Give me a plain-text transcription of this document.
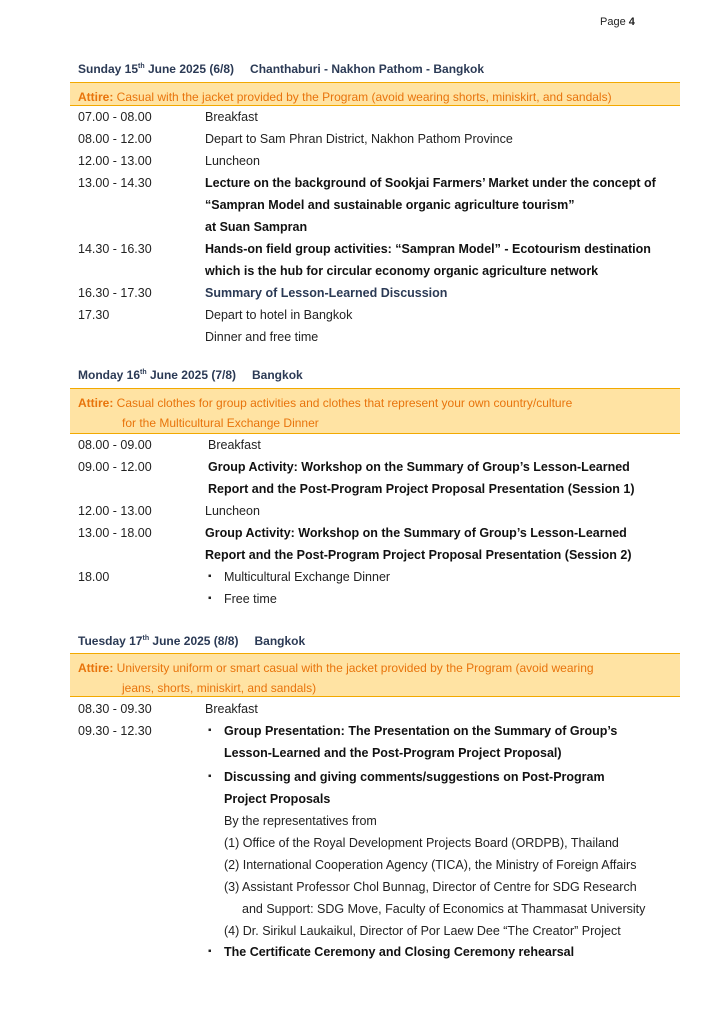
Page 4
Sunday 15th June 2025 (6/8) Chanthaburi - Nakhon Pathom - Bangkok
Attire: Casual with the jacket provided by the Program (avoid wearing shorts, miniskirt, and sandals)
07.00 - 08.00	Breakfast
08.00 - 12.00	Depart to Sam Phran District, Nakhon Pathom Province
12.00 - 13.00	Luncheon
13.00 - 14.30	Lecture on the background of Sookjai Farmers’ Market under the concept of
“Sampran Model and sustainable organic agriculture tourism”
at Suan Sampran
14.30 - 16.30	Hands-on field group activities: “Sampran Model” - Ecotourism destination
which is the hub for circular economy organic agriculture network
16.30 - 17.30	Summary of Lesson-Learned Discussion
17.30	Depart to hotel in Bangkok
Dinner and free time
Monday 16th June 2025 (7/8) Bangkok
Attire: Casual clothes for group activities and clothes that represent your own country/culture
for the Multicultural Exchange Dinner
08.00 - 09.00	Breakfast
09.00 - 12.00	Group Activity: Workshop on the Summary of Group’s Lesson-Learned
Report and the Post-Program Project Proposal Presentation (Session 1)
12.00 - 13.00	Luncheon
13.00 - 18.00	Group Activity: Workshop on the Summary of Group’s Lesson-Learned
Report and the Post-Program Project Proposal Presentation (Session 2)
18.00	▪ Multicultural Exchange Dinner
▪ Free time
Tuesday 17th June 2025 (8/8) Bangkok
Attire: University uniform or smart casual with the jacket provided by the Program (avoid wearing
jeans, shorts, miniskirt, and sandals)
08.30 - 09.30	Breakfast
09.30 - 12.30	▪ Group Presentation: The Presentation on the Summary of Group’s
Lesson-Learned and the Post-Program Project Proposal)
▪ Discussing and giving comments/suggestions on Post-Program
Project Proposals
By the representatives from
(1) Office of the Royal Development Projects Board (ORDPB), Thailand
(2) International Cooperation Agency (TICA), the Ministry of Foreign Affairs
(3) Assistant Professor Chol Bunnag, Director of Centre for SDG Research
and Support: SDG Move, Faculty of Economics at Thammasat University
(4) Dr. Sirikul Laukaikul, Director of Por Laew Dee “The Creator” Project
▪ The Certificate Ceremony and Closing Ceremony rehearsal
